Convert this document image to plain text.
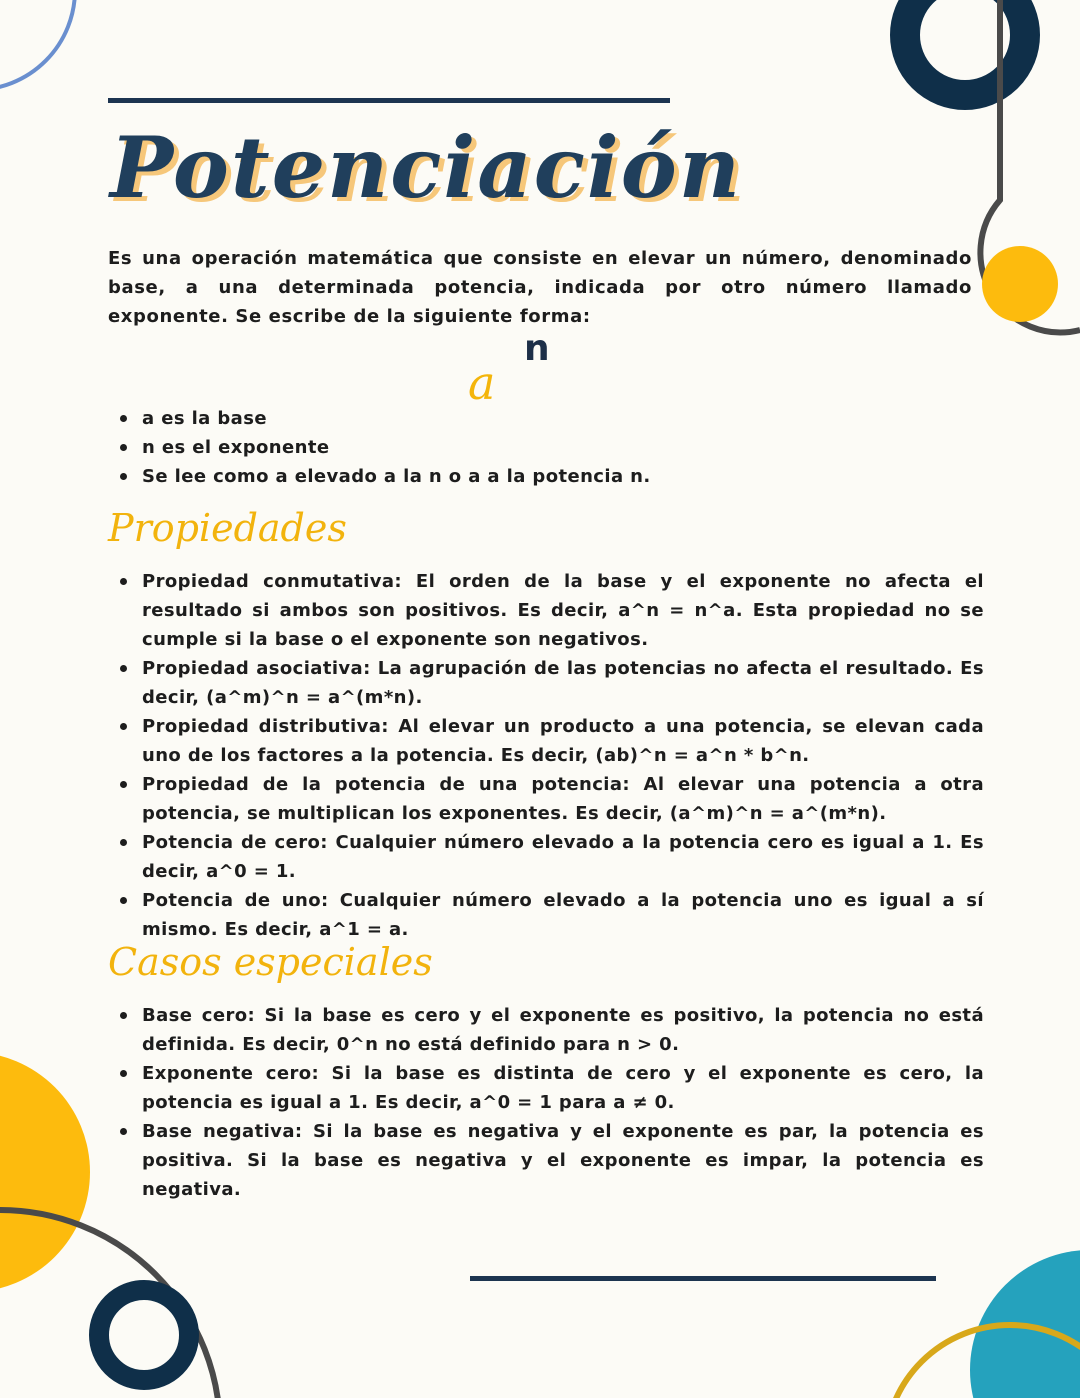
Potenciación

Es una operación matemática que consiste en elevar un número, denominado base, a una determinada potencia, indicada por otro número llamado exponente. Se escribe de la siguiente forma:

a
n
a es la base
n es el exponente
Se lee como a elevado a la n o a a la potencia n.
Propiedades
Propiedad conmutativa: El orden de la base y el exponente no afecta el resultado si ambos son positivos. Es decir, a^n = n^a. Esta propiedad no se cumple si la base o el exponente son negativos.
Propiedad asociativa: La agrupación de las potencias no afecta el resultado. Es decir, (a^m)^n = a^(m*n).
Propiedad distributiva: Al elevar un producto a una potencia, se elevan cada uno de los factores a la potencia. Es decir, (ab)^n = a^n * b^n.
Propiedad de la potencia de una potencia: Al elevar una potencia a otra potencia, se multiplican los exponentes. Es decir, (a^m)^n = a^(m*n).
Potencia de cero: Cualquier número elevado a la potencia cero es igual a 1. Es decir, a^0 = 1.
Potencia de uno: Cualquier número elevado a la potencia uno es igual a sí mismo. Es decir, a^1 = a.
Casos especiales
Base cero: Si la base es cero y el exponente es positivo, la potencia no está definida. Es decir, 0^n no está definido para n > 0.
Exponente cero: Si la base es distinta de cero y el exponente es cero, la potencia es igual a 1. Es decir, a^0 = 1 para a ≠ 0.
Base negativa: Si la base es negativa y el exponente es par, la potencia es positiva. Si la base es negativa y el exponente es impar, la potencia es negativa.
